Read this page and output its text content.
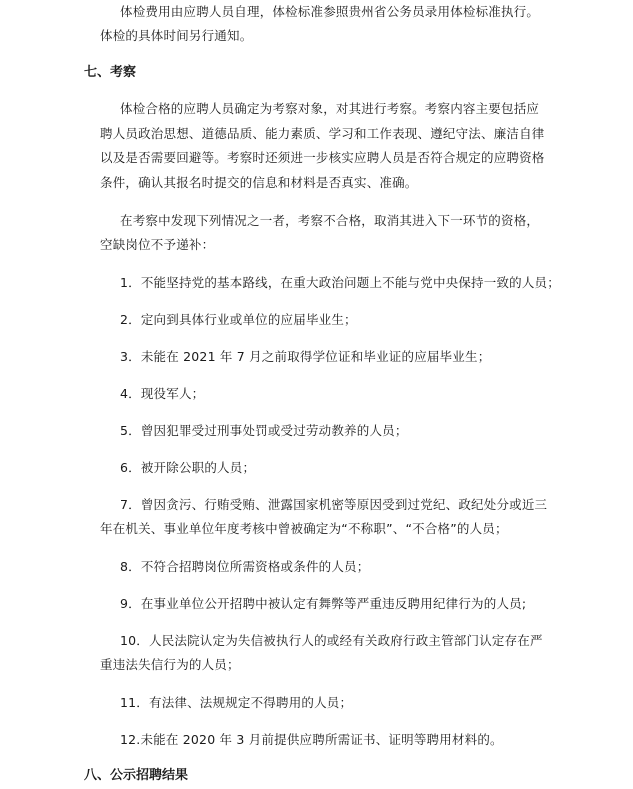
体检费用由应聘人员自理，体检标准参照贵州省公务员录用体检标准执行。
体检的具体时间另行通知。
七、考察
体检合格的应聘人员确定为考察对象，对其进行考察。考察内容主要包括应
聘人员政治思想、道德品质、能力素质、学习和工作表现、遵纪守法、廉洁自律
以及是否需要回避等。考察时还须进一步核实应聘人员是否符合规定的应聘资格
条件，确认其报名时提交的信息和材料是否真实、准确。
在考察中发现下列情况之一者，考察不合格，取消其进入下一环节的资格，
空缺岗位不予递补：
1．不能坚持党的基本路线，在重大政治问题上不能与党中央保持一致的人员；
2．定向到具体行业或单位的应届毕业生；
3．未能在 2021 年 7 月之前取得学位证和毕业证的应届毕业生；
4．现役军人；
5．曾因犯罪受过刑事处罚或受过劳动教养的人员；
6．被开除公职的人员；
7．曾因贪污、行贿受贿、泄露国家机密等原因受到过党纪、政纪处分或近三
年在机关、事业单位年度考核中曾被确定为“不称职”、“不合格”的人员；
8．不符合招聘岗位所需资格或条件的人员；
9．在事业单位公开招聘中被认定有舞弊等严重违反聘用纪律行为的人员;
10．人民法院认定为失信被执行人的或经有关政府行政主管部门认定存在严
重违法失信行为的人员；
11．有法律、法规规定不得聘用的人员；
12.未能在 2020 年 3 月前提供应聘所需证书、证明等聘用材料的。
八、公示招聘结果
